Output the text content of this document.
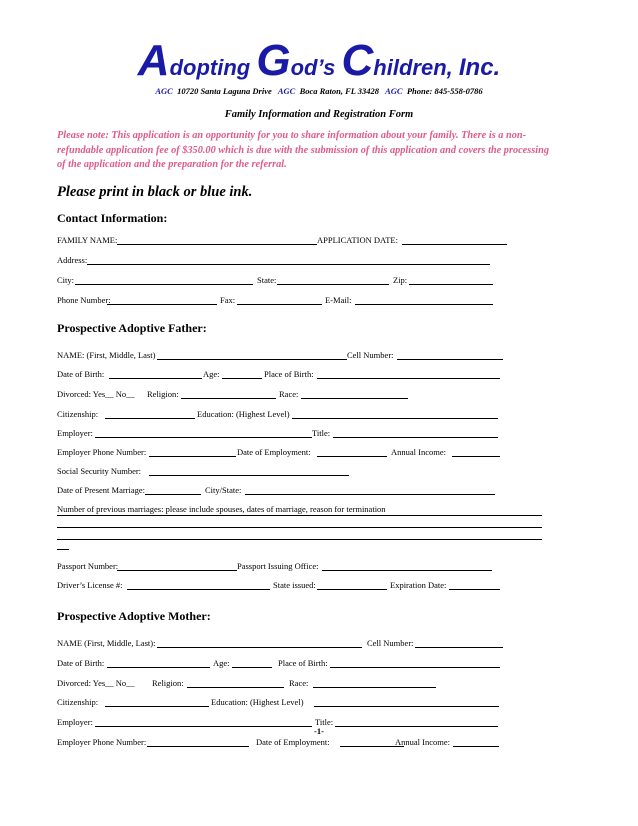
Adopting God’s Children, Inc.
AGC 10720 Santa Laguna Drive AGC Boca Raton, FL 33428 AGC Phone: 845-558-0786
Family Information and Registration Form
Please note: This application is an opportunity for you to share information about your family. There is a non-refundable application fee of $350.00 which is due with the submission of this application and covers the processing of the application and the preparation for the referral.
Please print in black or blue ink.
Contact Information:
FAMILY NAME:	APPLICATION DATE:
Address:
City:	State:	Zip:
Phone Number:	Fax:	E-Mail:
Prospective Adoptive Father:
NAME: (First, Middle, Last)	Cell Number:
Date of Birth:	Age:	Place of Birth:
Divorced: Yes__ No__ Religion:	Race:
Citizenship:	Education: (Highest Level)
Employer:	Title:
Employer Phone Number:	Date of Employment:	Annual Income:
Social Security Number:
Date of Present Marriage:	City/State:
Number of previous marriages: please include spouses, dates of marriage, reason for termination
Passport Number:	Passport Issuing Office:
Driver’s License #:	State issued:	Expiration Date:
Prospective Adoptive Mother:
NAME (First, Middle, Last):	Cell Number:
Date of Birth:	Age:	Place of Birth:
Divorced: Yes__ No__ Religion:	Race:
Citizenship:	Education: (Highest Level)
Employer:	Title:
-1-
Employer Phone Number:	Date of Employment:	Annual Income:
